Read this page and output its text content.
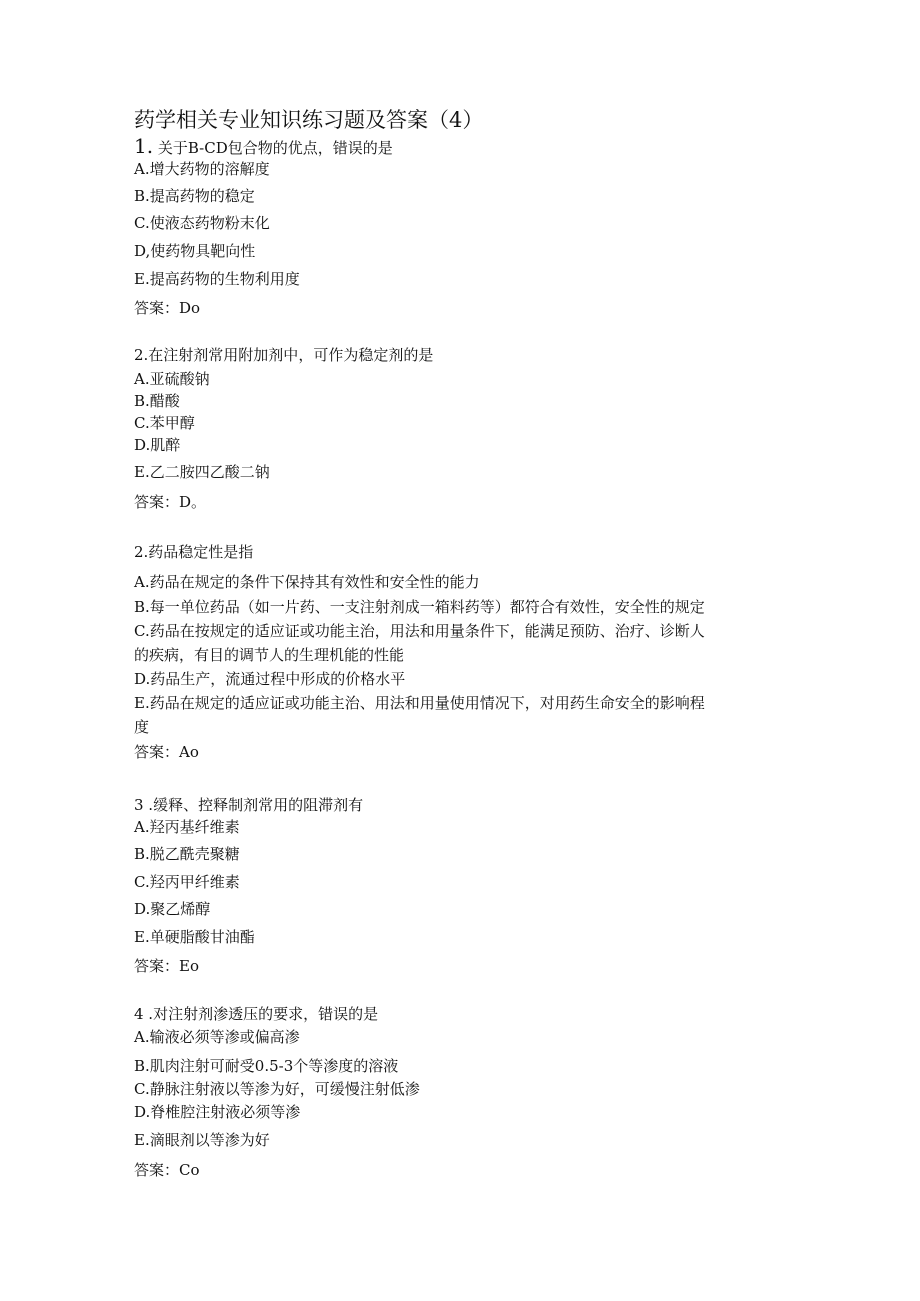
药学相关专业知识练习题及答案（4）
1. 关于B-CD包合物的优点，错误的是
A.增大药物的溶解度
B.提高药物的稳定
C.使液态药物粉末化
D,使药物具靶向性
E.提高药物的生物利用度
答案：Do
2.在注射剂常用附加剂中，可作为稳定剂的是
A.亚硫酸钠
B.醋酸
C.苯甲醇
D.肌醉
E.乙二胺四乙酸二钠
答案：D。
2.药品稳定性是指
A.药品在规定的条件下保持其有效性和安全性的能力
B.每一单位药品（如一片药、一支注射剂成一箱料药等）都符合有效性，安全性的规定
C.药品在按规定的适应证或功能主治，用法和用量条件下，能满足预防、治疗、诊断人
的疾病，有目的调节人的生理机能的性能
D.药品生产，流通过程中形成的价格水平
E.药品在规定的适应证或功能主治、用法和用量使用情况下，对用药生命安全的影响程
度
答案：Ao
3 .缓释、控释制剂常用的阻滞剂有
A.羟丙基纤维素
B.脱乙酰壳聚糖
C.羟丙甲纤维素
D.聚乙烯醇
E.单硬脂酸甘油酯
答案：Eo
4 .对注射剂渗透压的要求，错误的是
A.输液必须等渗或偏高渗
B.肌肉注射可耐受0.5-3个等渗度的溶液
C.静脉注射液以等渗为好，可缓慢注射低渗
D.脊椎腔注射液必须等渗
E.滴眼剂以等渗为好
答案：Co
